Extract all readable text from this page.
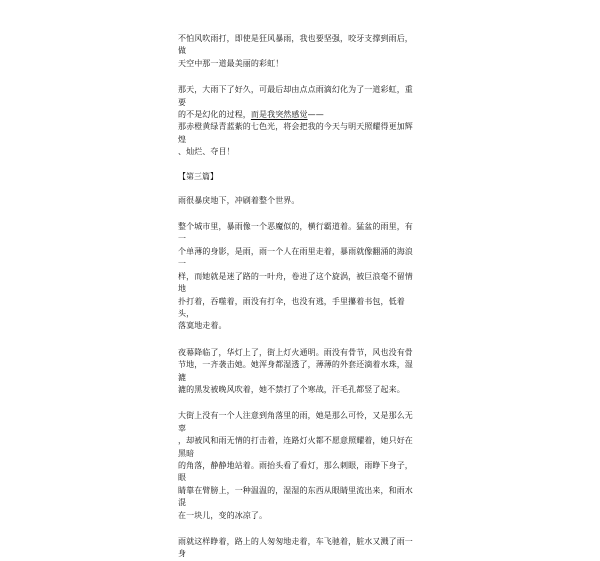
不怕风吹雨打，即使是狂风暴雨，我也要坚强，咬牙支撑到雨后，做
天空中那一道最美丽的彩虹！

那天，大雨下了好久，可最后却由点点雨滴幻化为了一道彩虹，重要
的不是幻化的过程，而是我突然感觉——
那赤橙黄绿青蓝紫的七色光，将会把我的今天与明天照耀得更加辉煌
、灿烂、夺目！

【第三篇】

雨很暴戾地下，冲刷着整个世界。

整个城市里，暴雨像一个恶魔似的，横行霸道着。猛盆的雨里，有一
个单薄的身影，是雨，雨一个人在雨里走着，暴雨就像翻涌的海浪一
样，而她就是迷了路的一叶舟，卷进了这个旋涡，被巨浪毫不留情地
扑打着，吞噬着，雨没有打伞，也没有逃，手里攥着书包，低着头，
落寞地走着。

夜幕降临了，华灯上了，街上灯火通明。雨没有骨节，风也没有骨
节地，一齐袭击她。她浑身都湿透了，薄薄的外套还滴着水珠，湿漉
漉的黑发被晚风吹着，她不禁打了个寒战，汗毛孔都竖了起来。

大街上没有一个人注意到角落里的雨，她是那么可怜，又是那么无辜
，却被风和雨无情的打击着，连路灯火都不愿意照耀着，她只好在黑暗
的角落，静静地站着。雨抬头看了看灯，那么刺眼，雨睁下身子，眼
睛靠在臂膀上，一种温温的，湿湿的东西从眼睛里流出来，和雨水混
在一块儿，变的冰凉了。

雨就这样睁着，路上的人匆匆地走着，车飞驰着，脏水又溅了雨一身
